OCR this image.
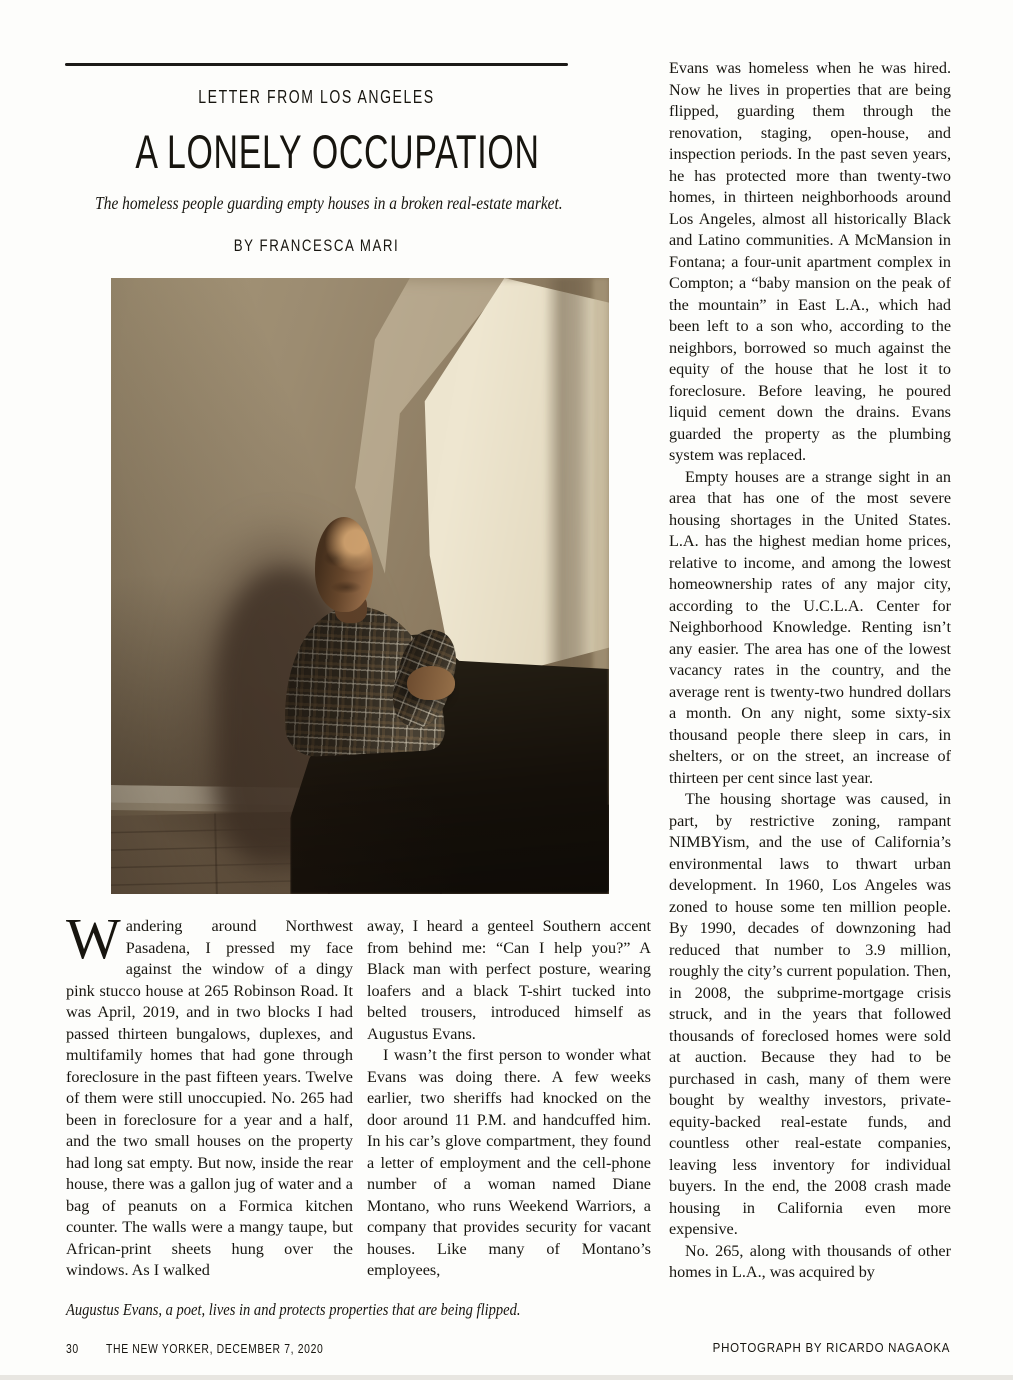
LETTER FROM LOS ANGELES
A LONELY OCCUPATION
The homeless people guarding empty houses in a broken real-estate market.
BY FRANCESCA MARI

Wandering around Northwest Pasadena, I pressed my face against the window of a dingy pink stucco house at 265 Robinson Road. It was April, 2019, and in two blocks I had passed thirteen bungalows, duplexes, and multifamily homes that had gone through foreclosure in the past fifteen years. Twelve of them were still unoccupied. No. 265 had been in foreclosure for a year and a half, and the two small houses on the property had long sat empty. But now, inside the rear house, there was a gallon jug of water and a bag of peanuts on a Formica kitchen counter. The walls were a mangy taupe, but African-print sheets hung over the windows. As I walked

away, I heard a genteel Southern accent from behind me: “Can I help you?” A Black man with perfect posture, wearing loafers and a black T-shirt tucked into belted trousers, introduced himself as Augustus Evans.

I wasn’t the first person to wonder what Evans was doing there. A few weeks earlier, two sheriffs had knocked on the door around 11 P.M. and handcuffed him. In his car’s glove compartment, they found a letter of employment and the cell-phone number of a woman named Diane Montano, who runs Weekend Warriors, a company that provides security for vacant houses. Like many of Montano’s employees,

Evans was homeless when he was hired. Now he lives in properties that are being flipped, guarding them through the renovation, staging, open-house, and inspection periods. In the past seven years, he has protected more than twenty-two homes, in thirteen neighborhoods around Los Angeles, almost all historically Black and Latino communities. A McMansion in Fontana; a four-unit apartment complex in Compton; a “baby mansion on the peak of the mountain” in East L.A., which had been left to a son who, according to the neighbors, borrowed so much against the equity of the house that he lost it to foreclosure. Before leaving, he poured liquid cement down the drains. Evans guarded the property as the plumbing system was replaced.

Empty houses are a strange sight in an area that has one of the most severe housing shortages in the United States. L.A. has the highest median home prices, relative to income, and among the lowest homeownership rates of any major city, according to the U.C.L.A. Center for Neighborhood Knowledge. Renting isn’t any easier. The area has one of the lowest vacancy rates in the country, and the average rent is twenty-two hundred dollars a month. On any night, some sixty-six thousand people there sleep in cars, in shelters, or on the street, an increase of thirteen per cent since last year.

The housing shortage was caused, in part, by restrictive zoning, rampant NIMBYism, and the use of California’s environmental laws to thwart urban development. In 1960, Los Angeles was zoned to house some ten million people. By 1990, decades of downzoning had reduced that number to 3.9 million, roughly the city’s current population. Then, in 2008, the subprime-mortgage crisis struck, and in the years that followed thousands of foreclosed homes were sold at auction. Because they had to be purchased in cash, many of them were bought by wealthy investors, private-equity-backed real-estate funds, and countless other real-estate companies, leaving less inventory for individual buyers. In the end, the 2008 crash made housing in California even more expensive.

No. 265, along with thousands of other homes in L.A., was acquired by

Augustus Evans, a poet, lives in and protects properties that are being flipped.
30 THE NEW YORKER, DECEMBER 7, 2020	PHOTOGRAPH BY RICARDO NAGAOKA
